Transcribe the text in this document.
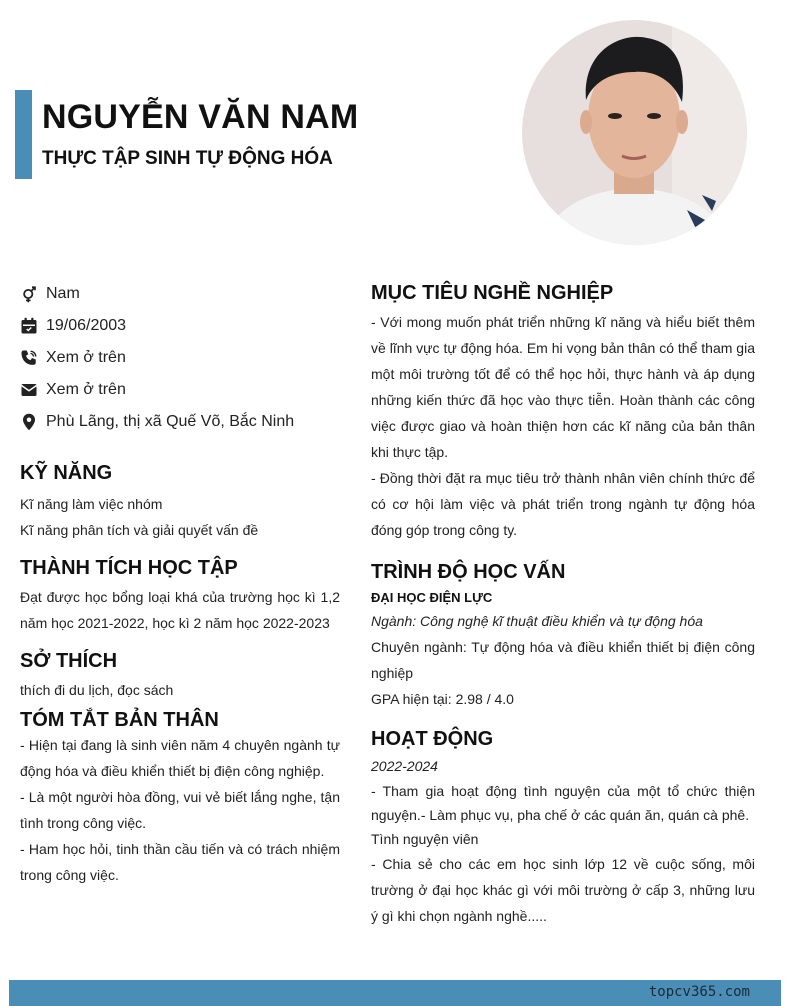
NGUYỄN VĂN NAM
THỰC TẬP SINH TỰ ĐỘNG HÓA
Nam
19/06/2003
Xem ở trên
Xem ở trên
Phù Lãng, thị xã Quế Võ, Bắc Ninh
KỸ NĂNG

Kĩ năng làm việc nhóm

Kĩ năng phân tích và giải quyết vấn đề

THÀNH TÍCH HỌC TẬP

Đạt được học bổng loại khá của trường học kì 1,2 năm học 2021-2022, học kì 2 năm học 2022-2023

SỞ THÍCH

thích đi du lịch, đọc sách

TÓM TẮT BẢN THÂN

- Hiện tại đang là sinh viên năm 4 chuyên ngành tự động hóa và điều khiển thiết bị điện công nghiệp.

- Là một người hòa đồng, vui vẻ biết lắng nghe, tận tình trong công việc.

- Ham học hỏi, tinh thần cầu tiến và có trách nhiệm trong công việc.

MỤC TIÊU NGHỀ NGHIỆP

- Với mong muốn phát triển những kĩ năng và hiểu biết thêm về lĩnh vực tự động hóa. Em hi vọng bản thân có thể tham gia một môi trường tốt để có thể học hỏi, thực hành và áp dụng những kiến thức đã học vào thực tiễn. Hoàn thành các công việc được giao và hoàn thiện hơn các kĩ năng của bản thân khi thực tập.

- Đồng thời đặt ra mục tiêu trở thành nhân viên chính thức để có cơ hội làm việc và phát triển trong ngành tự động hóa đóng góp trong công ty.

TRÌNH ĐỘ HỌC VẤN
ĐẠI HỌC ĐIỆN LỰC
Ngành: Công nghệ kĩ thuật điều khiển và tự động hóa
Chuyên ngành: Tự động hóa và điều khiển thiết bị điện công nghiệp
GPA hiện tại: 2.98 / 4.0
HOẠT ĐỘNG
2022-2024

- Tham gia hoạt động tình nguyện của một tổ chức thiện nguyện.- Làm phục vụ, pha chế ở các quán ăn, quán cà phê.

Tình nguyện viên

- Chia sẻ cho các em học sinh lớp 12 về cuộc sống, môi trường ở đại học khác gì với môi trường ở cấp 3, những lưu ý gì khi chọn ngành nghề.....

topcv365.com
